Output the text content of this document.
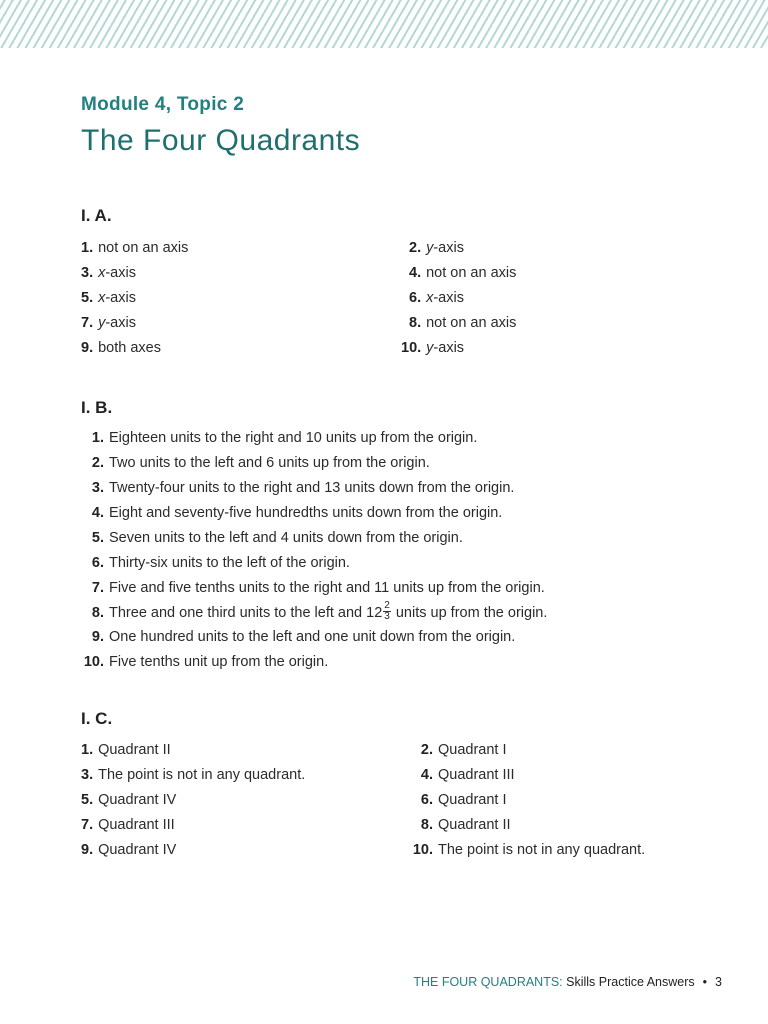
Module 4, Topic 2
The Four Quadrants
I. A.
1. not on an axis	2. y-axis
3. x-axis	4. not on an axis
5. x-axis	6. x-axis
7. y-axis	8. not on an axis
9. both axes	10. y-axis
I. B.
1. Eighteen units to the right and 10 units up from the origin.
2. Two units to the left and 6 units up from the origin.
3. Twenty-four units to the right and 13 units down from the origin.
4. Eight and seventy-five hundredths units down from the origin.
5. Seven units to the left and 4 units down from the origin.
6. Thirty-six units to the left of the origin.
7. Five and five tenths units to the right and 11 units up from the origin.
8. Three and one third units to the left and $12 \frac{2}{3}$ units up from the origin.
9. One hundred units to the left and one unit down from the origin.
10. Five tenths unit up from the origin.
I. C.
1. Quadrant II	2. Quadrant I
3. The point is not in any quadrant.	4. Quadrant III
5. Quadrant IV	6. Quadrant I
7. Quadrant III	8. Quadrant II
9. Quadrant IV	10. The point is not in any quadrant.
THE FOUR QUADRANTS: Skills Practice Answers • 3
